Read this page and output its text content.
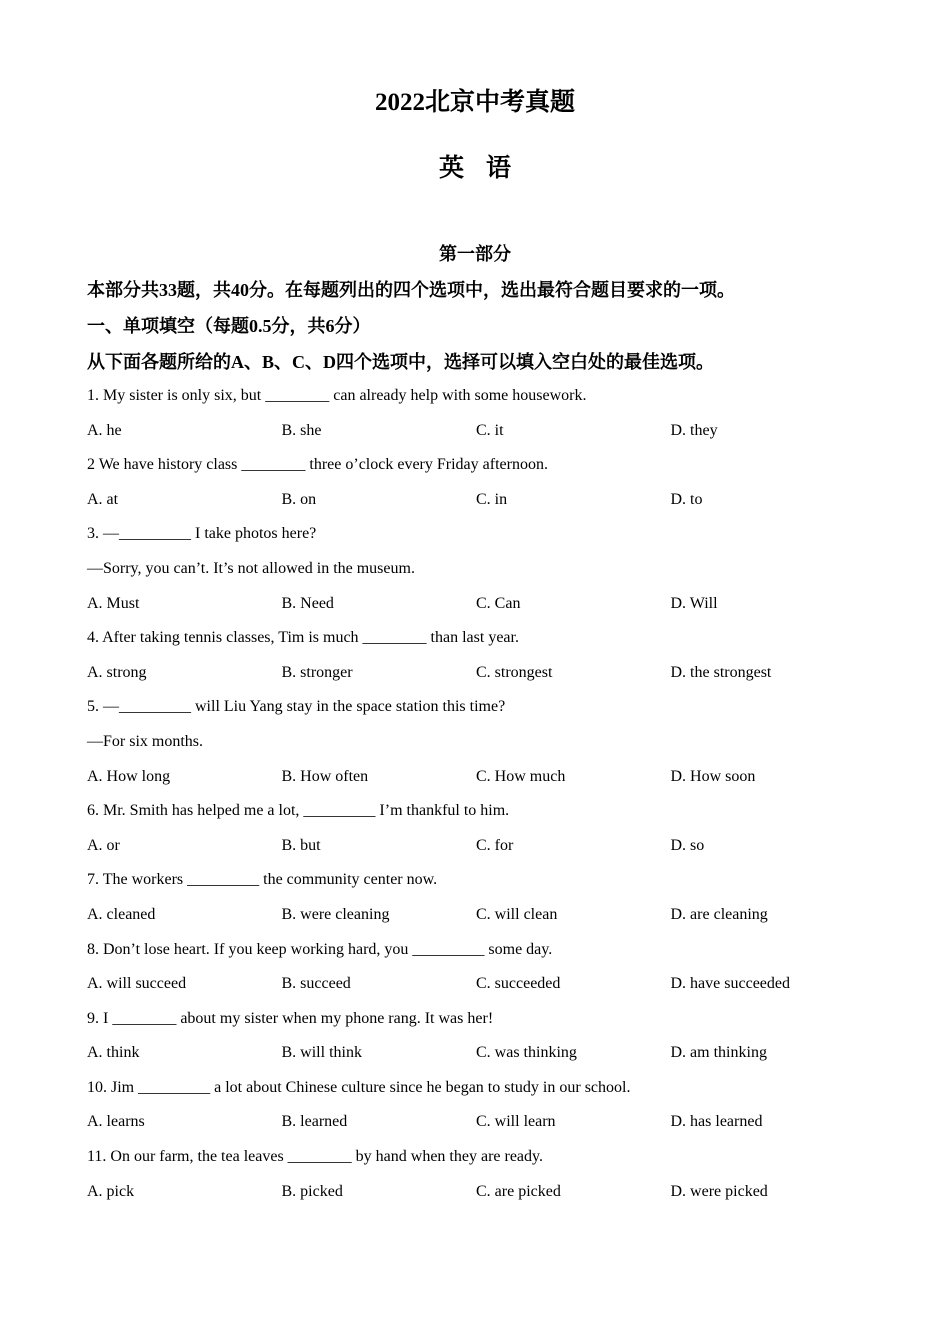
2022北京中考真题
英语
第一部分
本部分共33题，共40分。在每题列出的四个选项中，选出最符合题目要求的一项。
一、单项填空（每题0.5分，共6分）
从下面各题所给的A、B、C、D四个选项中，选择可以填入空白处的最佳选项。
1. My sister is only six, but ________ can already help with some housework.
A. he	B. she	C. it	D. they
2 We have history class ________ three o’clock every Friday afternoon.
A. at	B. on	C. in	D. to
3. —_________ I take photos here?
—Sorry, you can’t. It’s not allowed in the museum.
A. Must	B. Need	C. Can	D. Will
4. After taking tennis classes, Tim is much ________ than last year.
A. strong	B. stronger	C. strongest	D. the strongest
5. —_________ will Liu Yang stay in the space station this time?
—For six months.
A. How long	B. How often	C. How much	D. How soon
6. Mr. Smith has helped me a lot, _________ I’m thankful to him.
A. or	B. but	C. for	D. so
7. The workers _________ the community center now.
A. cleaned	B. were cleaning	C. will clean	D. are cleaning
8. Don’t lose heart. If you keep working hard, you _________ some day.
A. will succeed	B. succeed	C. succeeded	D. have succeeded
9. I ________ about my sister when my phone rang. It was her!
A. think	B. will think	C. was thinking	D. am thinking
10. Jim _________ a lot about Chinese culture since he began to study in our school.
A. learns	B. learned	C. will learn	D. has learned
11. On our farm, the tea leaves ________ by hand when they are ready.
A. pick	B. picked	C. are picked	D. were picked
